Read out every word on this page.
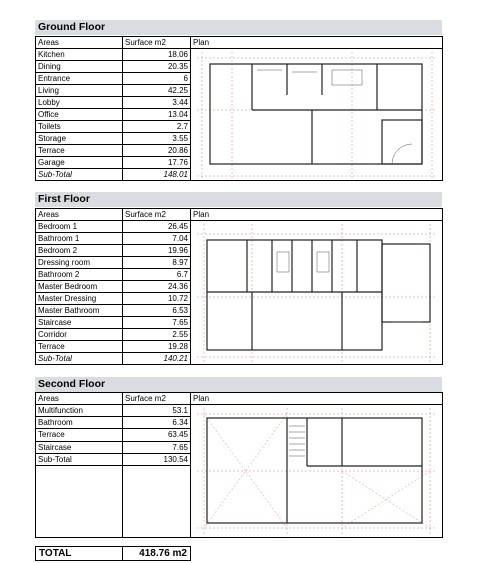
Ground Floor
Areas	Surface m2	Plan
Kitchen	18.06	

Dining	20.35	
Entrance	6	
Living	42.25	
Lobby	3.44	
Office	13.04	
Toilets	2.7	
Storage	3.55	
Terrace	20.86	
Garage	17.76	
Sub-Total	148.01	
First Floor
Areas	Surface m2	Plan
Bedroom 1	26.45	

Bathroom 1	7.04	
Bedroom 2	19.96	
Dressing room	8.97	
Bathroom 2	6.7	
Master Bedroom	24.36	
Master Dressing	10.72	
Master Bathroom	6.53	
Staircase	7.65	
Corridor	2.55	
Terrace	19.28	
Sub-Total	140.21	
Second Floor
Areas	Surface m2	Plan
Multifunction	53.1	

Bathroom	6.34	
Terrace	63.45	
Staircase	7.65	
Sub-Total	130.54	

TOTAL	418.76 m2
